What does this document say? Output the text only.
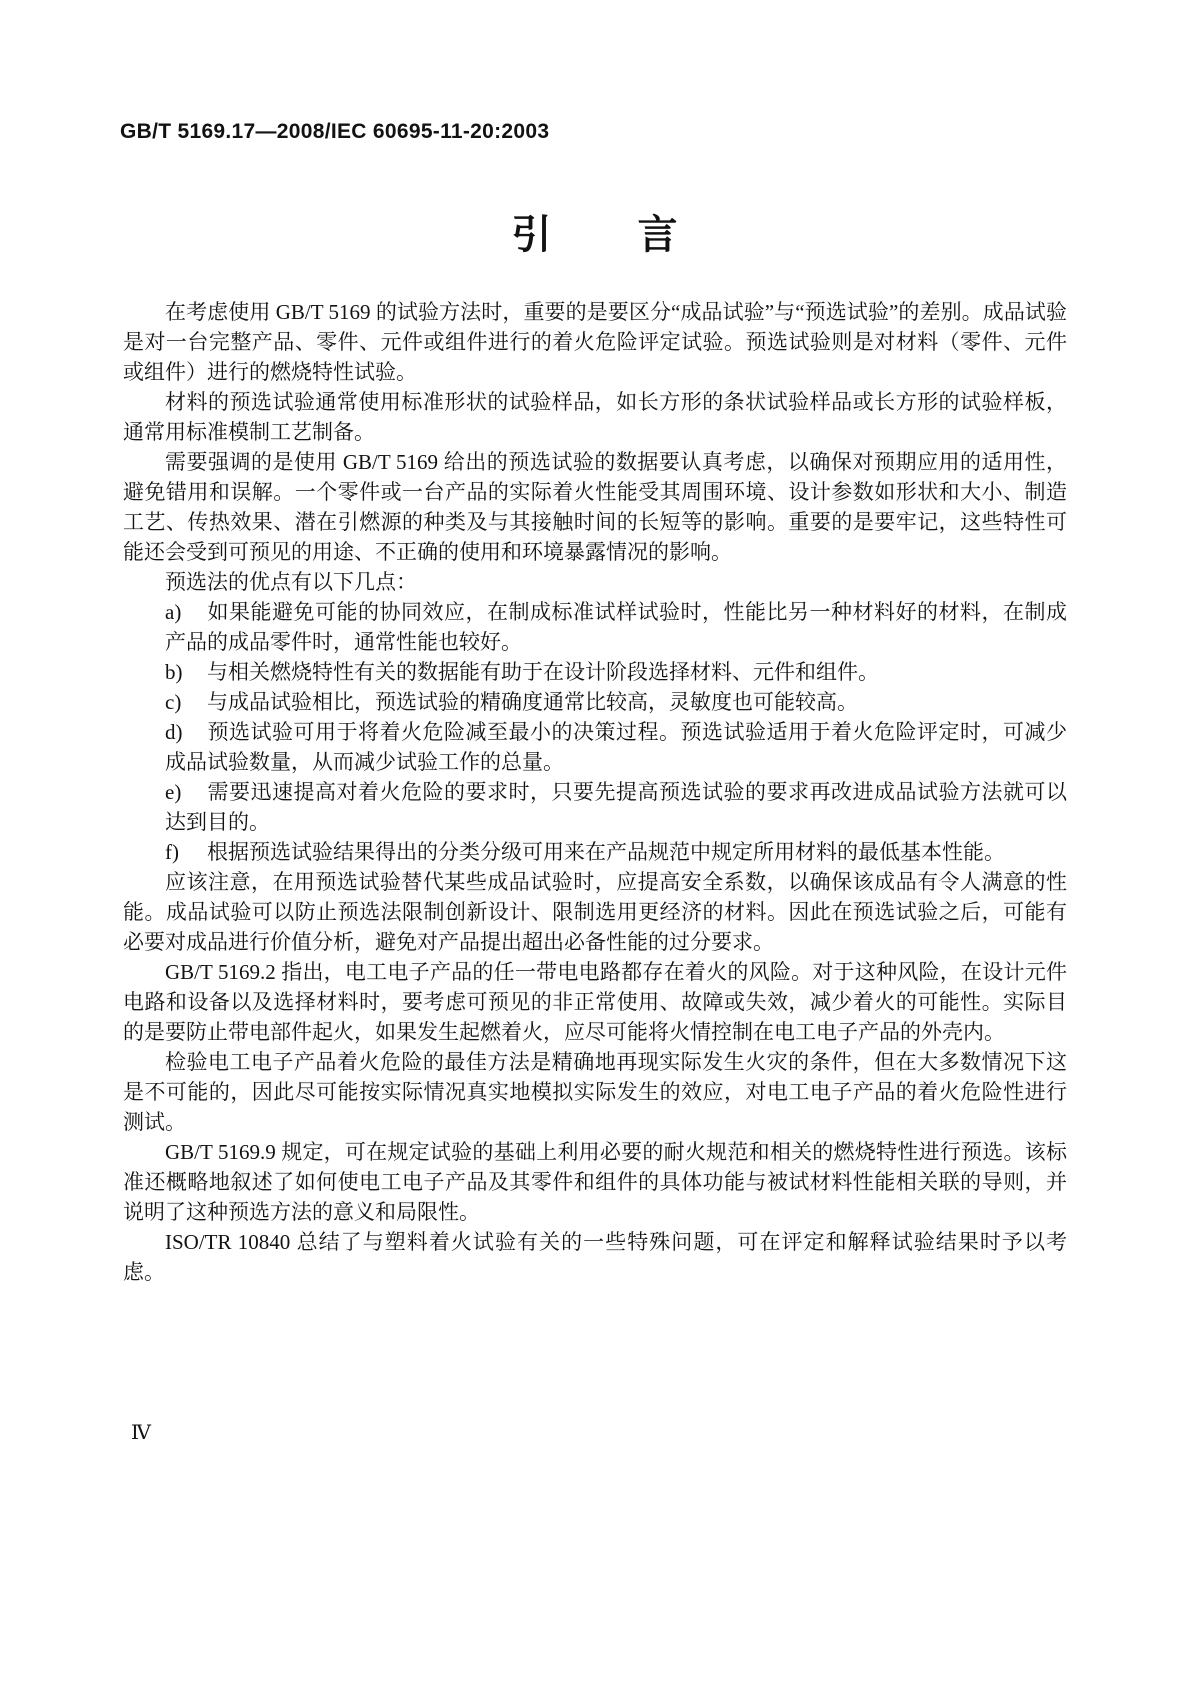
GB/T 5169.17—2008/IEC 60695-11-20:2003
引　　言

在考虑使用 GB/T 5169 的试验方法时，重要的是要区分“成品试验”与“预选试验”的差别。成品试验是对一台完整产品、零件、元件或组件进行的着火危险评定试验。预选试验则是对材料（零件、元件或组件）进行的燃烧特性试验。

材料的预选试验通常使用标准形状的试验样品，如长方形的条状试验样品或长方形的试验样板，通常用标准模制工艺制备。

需要强调的是使用 GB/T 5169 给出的预选试验的数据要认真考虑，以确保对预期应用的适用性，避免错用和误解。一个零件或一台产品的实际着火性能受其周围环境、设计参数如形状和大小、制造工艺、传热效果、潜在引燃源的种类及与其接触时间的长短等的影响。重要的是要牢记，这些特性可能还会受到可预见的用途、不正确的使用和环境暴露情况的影响。

预选法的优点有以下几点：

a) 如果能避免可能的协同效应，在制成标准试样试验时，性能比另一种材料好的材料，在制成产品的成品零件时，通常性能也较好。
b) 与相关燃烧特性有关的数据能有助于在设计阶段选择材料、元件和组件。
c) 与成品试验相比，预选试验的精确度通常比较高，灵敏度也可能较高。
d) 预选试验可用于将着火危险减至最小的决策过程。预选试验适用于着火危险评定时，可减少成品试验数量，从而减少试验工作的总量。
e) 需要迅速提高对着火危险的要求时，只要先提高预选试验的要求再改进成品试验方法就可以达到目的。
f) 根据预选试验结果得出的分类分级可用来在产品规范中规定所用材料的最低基本性能。

应该注意，在用预选试验替代某些成品试验时，应提高安全系数，以确保该成品有令人满意的性能。成品试验可以防止预选法限制创新设计、限制选用更经济的材料。因此在预选试验之后，可能有必要对成品进行价值分析，避免对产品提出超出必备性能的过分要求。

GB/T 5169.2 指出，电工电子产品的任一带电电路都存在着火的风险。对于这种风险，在设计元件电路和设备以及选择材料时，要考虑可预见的非正常使用、故障或失效，减少着火的可能性。实际目的是要防止带电部件起火，如果发生起燃着火，应尽可能将火情控制在电工电子产品的外壳内。

检验电工电子产品着火危险的最佳方法是精确地再现实际发生火灾的条件，但在大多数情况下这是不可能的，因此尽可能按实际情况真实地模拟实际发生的效应，对电工电子产品的着火危险性进行测试。

GB/T 5169.9 规定，可在规定试验的基础上利用必要的耐火规范和相关的燃烧特性进行预选。该标准还概略地叙述了如何使电工电子产品及其零件和组件的具体功能与被试材料性能相关联的导则，并说明了这种预选方法的意义和局限性。

ISO/TR 10840 总结了与塑料着火试验有关的一些特殊问题，可在评定和解释试验结果时予以考虑。

Ⅳ
